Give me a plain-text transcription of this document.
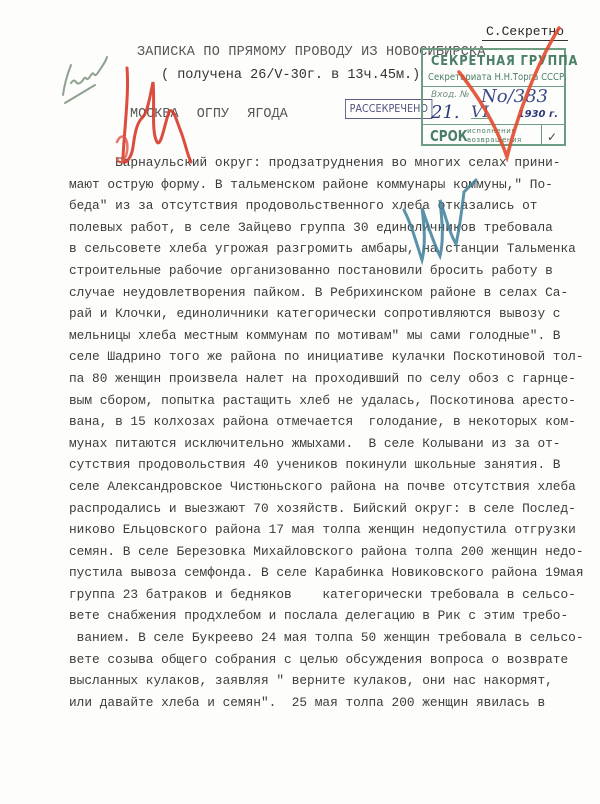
С.Секретно
ЗАПИСКА ПО ПРЯМОМУ ПРОВОДУ ИЗ НОВОСИБИРСКА
( получена 26/V-30г. в 13ч.45м.)
МОСКВА ОГПУ ЯГОДА	РАССЕКРЕЧЕНО
СЕКРЕТНАЯ ГРУППА
Секретариата Н.Н.Торга СССР.
Вход. № No/383
21. VI	1930 г.
СРОК исполнения
возвращения ✓
Барнаульский округ: продзатруднения во многих селах прини-
мают острую форму. В тальменском районе коммунары коммуны," По-
беда" из за отсутствия продовольственного хлеба отказались от
полевых работ, в селе Зайцево группа 30 единоличников требовала
в сельсовете хлеба угрожая разгромить амбары, на станции Тальменка
строительные рабочие организованно постановили бросить работу в
случае неудовлетворения пайком. В Ребрихинском районе в селах Са-
рай и Клочки, единоличники категорически сопротивляются вывозу с
мельницы хлеба местным коммунам по мотивам" мы сами голодные". В
селе Шадрино того же района по инициативе кулачки Поскотиновой тол-
па 80 женщин произвела налет на проходивший по селу обоз с гарнце-
вым сбором, попытка растащить хлеб не удалась, Поскотинова аресто-
вана, в 15 колхозах района отмечается  голодание, в некоторых ком-
мунах питаются исключительно жмыхами.  В селе Колывани из за от-
сутствия продовольствия 40 учеников покинули школьные занятия. В
селе Александровское Чистюньского района на почве отсутствия хлеба
распродались и выезжают 70 хозяйств. Бийский округ: в селе Послед-
никово Ельцовского района 17 мая толпа женщин недопустила отгрузки
семян. В селе Березовка Михайловского района толпа 200 женщин недо-
пустила вывоза семфонда. В селе Карабинка Новиковского района 19мая
группа 23 батраков и бедняков    категорически требовала в сельсо-
вете снабжения продхлебом и послала делегацию в Рик с этим требо-
ванием. В селе Букреево 24 мая толпа 50 женщин требовала в сельсо-
вете созыва общего собрания с целью обсуждения вопроса о возврате
высланных кулаков, заявляя " верните кулаков, они нас накормят,
или давайте хлеба и семян".  25 мая толпа 200 женщин явилась в
